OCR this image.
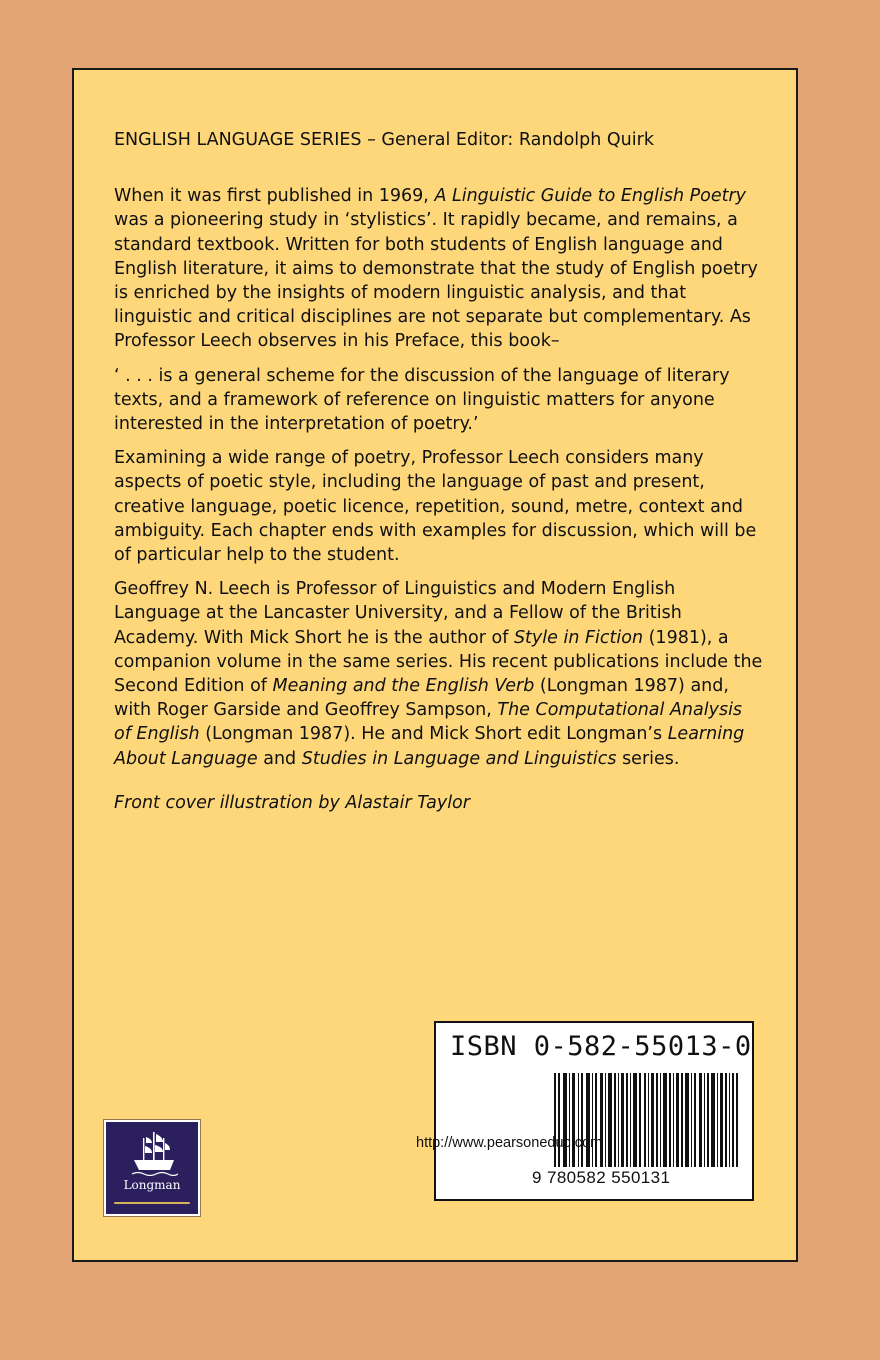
ENGLISH LANGUAGE SERIES – General Editor: Randolph Quirk

When it was first published in 1969, A Linguistic Guide to English Poetry was a pioneering study in ‘stylistics’. It rapidly became, and remains, a standard textbook. Written for both students of English language and English literature, it aims to demonstrate that the study of English poetry is enriched by the insights of modern linguistic analysis, and that linguistic and critical disciplines are not separate but complementary. As Professor Leech observes in his Preface, this book–

‘ . . . is a general scheme for the discussion of the language of literary texts, and a framework of reference on linguistic matters for anyone interested in the interpretation of poetry.’

Examining a wide range of poetry, Professor Leech considers many aspects of poetic style, including the language of past and present, creative language, poetic licence, repetition, sound, metre, context and ambiguity. Each chapter ends with examples for discussion, which will be of particular help to the student.

Geoffrey N. Leech is Professor of Linguistics and Modern English Language at the Lancaster University, and a Fellow of the British Academy. With Mick Short he is the author of Style in Fiction (1981), a companion volume in the same series. His recent publications include the Second Edition of Meaning and the English Verb (Longman 1987) and, with Roger Garside and Geoffrey Sampson, The Computational Analysis of English (Longman 1987). He and Mick Short edit Longman’s Learning About Language and Studies in Language and Linguistics series.

Front cover illustration by Alastair Taylor

Longman
ISBN 0-582-55013-0
9 780582 550131
http://www.pearsoneduc.com
